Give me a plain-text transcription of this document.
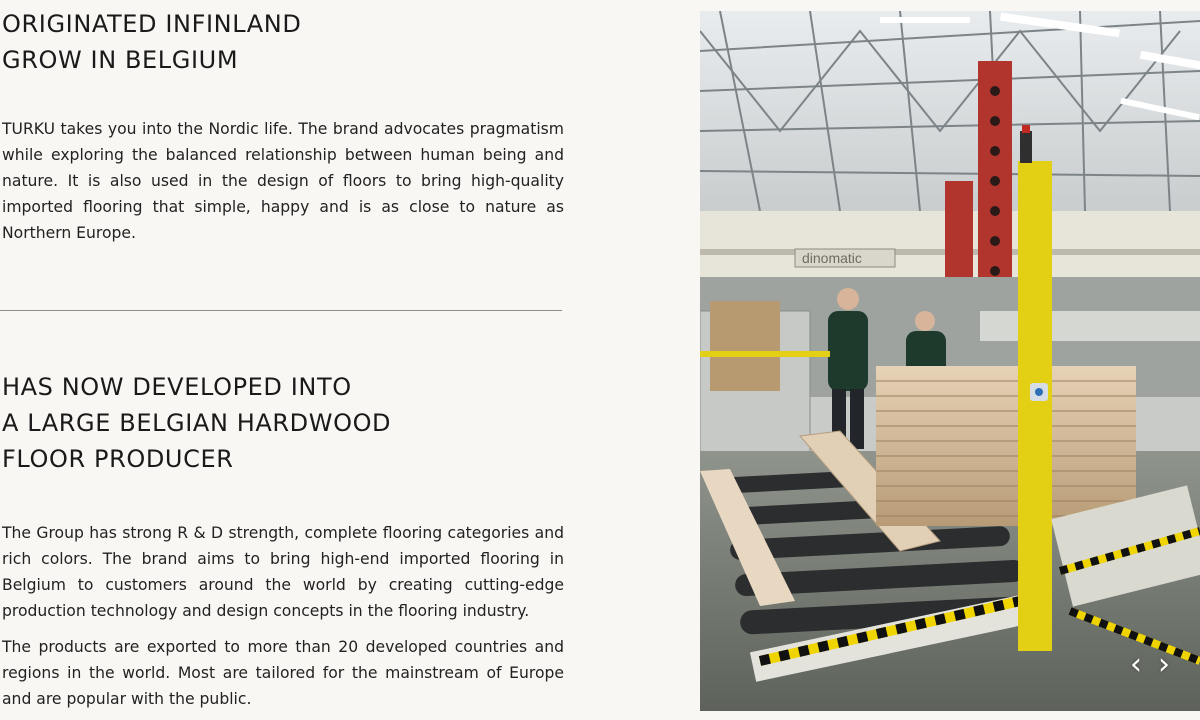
ORIGINATED INFINLAND
GROW IN BELGIUM

TURKU takes you into the Nordic life. The brand advocates pragmatism while exploring the balanced relationship between human being and nature. It is also used in the design of floors to bring high-quality imported flooring that simple, happy and is as close to nature as Northern Europe.

HAS NOW DEVELOPED INTO
A LARGE BELGIAN HARDWOOD
FLOOR PRODUCER

The Group has strong R & D strength, complete flooring categories and rich colors. The brand aims to bring high-end imported flooring in Belgium to customers around the world by creating cutting-edge production technology and design concepts in the flooring industry.

The products are exported to more than 20 developed countries and regions in the world. Most are tailored for the mainstream of Europe and are popular with the public.

dinomatic
‹ ›
